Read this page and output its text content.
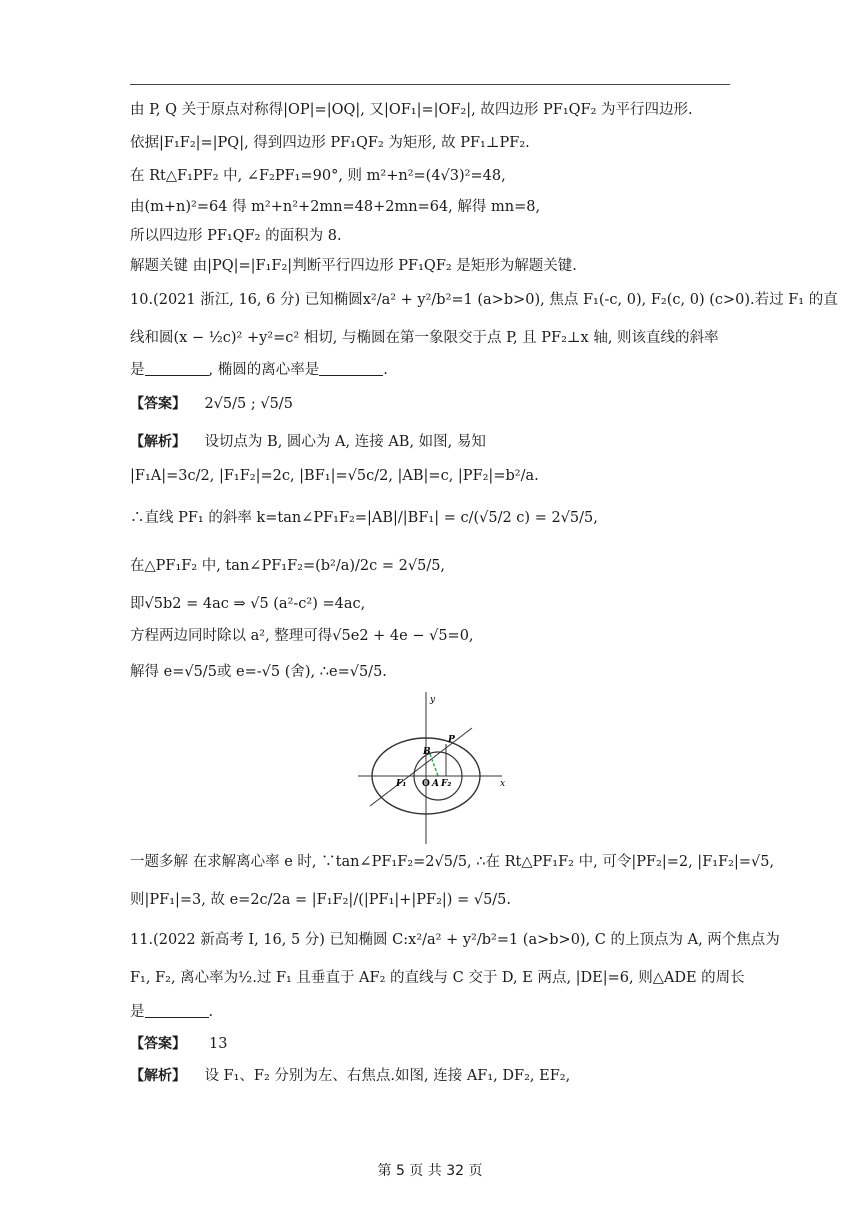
由 P, Q 关于原点对称得|OP|=|OQ|, 又|OF₁|=|OF₂|, 故四边形 PF₁QF₂ 为平行四边形.
依据|F₁F₂|=|PQ|, 得到四边形 PF₁QF₂ 为矩形, 故 PF₁⊥PF₂.
在 Rt△F₁PF₂ 中, ∠F₂PF₁=90°, 则 m²+n²=(4√3)²=48,
由(m+n)²=64 得 m²+n²+2mn=48+2mn=64, 解得 mn=8,
所以四边形 PF₁QF₂ 的面积为 8.
解题关键 由|PQ|=|F₁F₂|判断平行四边形 PF₁QF₂ 是矩形为解题关键.
10.(2021 浙江, 16, 6 分) 已知椭圆x²/a² + y²/b²=1 (a>b>0), 焦点 F₁(-c, 0), F₂(c, 0) (c>0).若过 F₁ 的直
线和圆(x − ½c)² +y²=c² 相切, 与椭圆在第一象限交于点 P, 且 PF₂⊥x 轴, 则该直线的斜率
是	, 椭圆的离心率是	.
【答案】 2√5/5 ; √5/5
【解析】 设切点为 B, 圆心为 A, 连接 AB, 如图, 易知
|F₁A|=3c/2, |F₁F₂|=2c, |BF₁|=√5c/2, |AB|=c, |PF₂|=b²/a.
∴直线 PF₁ 的斜率 k=tan∠PF₁F₂=|AB|/|BF₁| = c/(√5/2 c) = 2√5/5,
在△PF₁F₂ 中, tan∠PF₁F₂=(b²/a)/2c = 2√5/5,
即√5b2 = 4ac ⇒ √5 (a²-c²) =4ac,
方程两边同时除以 a², 整理可得√5e2 + 4e − √5=0,
解得 e=√5/5或 e=-√5 (舍), ∴e=√5/5.
一题多解 在求解离心率 e 时, ∵tan∠PF₁F₂=2√5/5, ∴在 Rt△PF₁F₂ 中, 可令|PF₂|=2, |F₁F₂|=√5,
则|PF₁|=3, 故 e=2c/2a = |F₁F₂|/(|PF₁|+|PF₂|) = √5/5.
11.(2022 新高考 Ⅰ, 16, 5 分) 已知椭圆 C:x²/a² + y²/b²=1 (a>b>0), C 的上顶点为 A, 两个焦点为
F₁, F₂, 离心率为½.过 F₁ 且垂直于 AF₂ 的直线与 C 交于 D, E 两点, |DE|=6, 则△ADE 的周长
是	.
【答案】 13
【解析】 设 F₁、F₂ 分别为左、右焦点.如图, 连接 AF₁, DF₂, EF₂,
y
x
P
B
O A F₂
F₁
第 5 页 共 32 页
